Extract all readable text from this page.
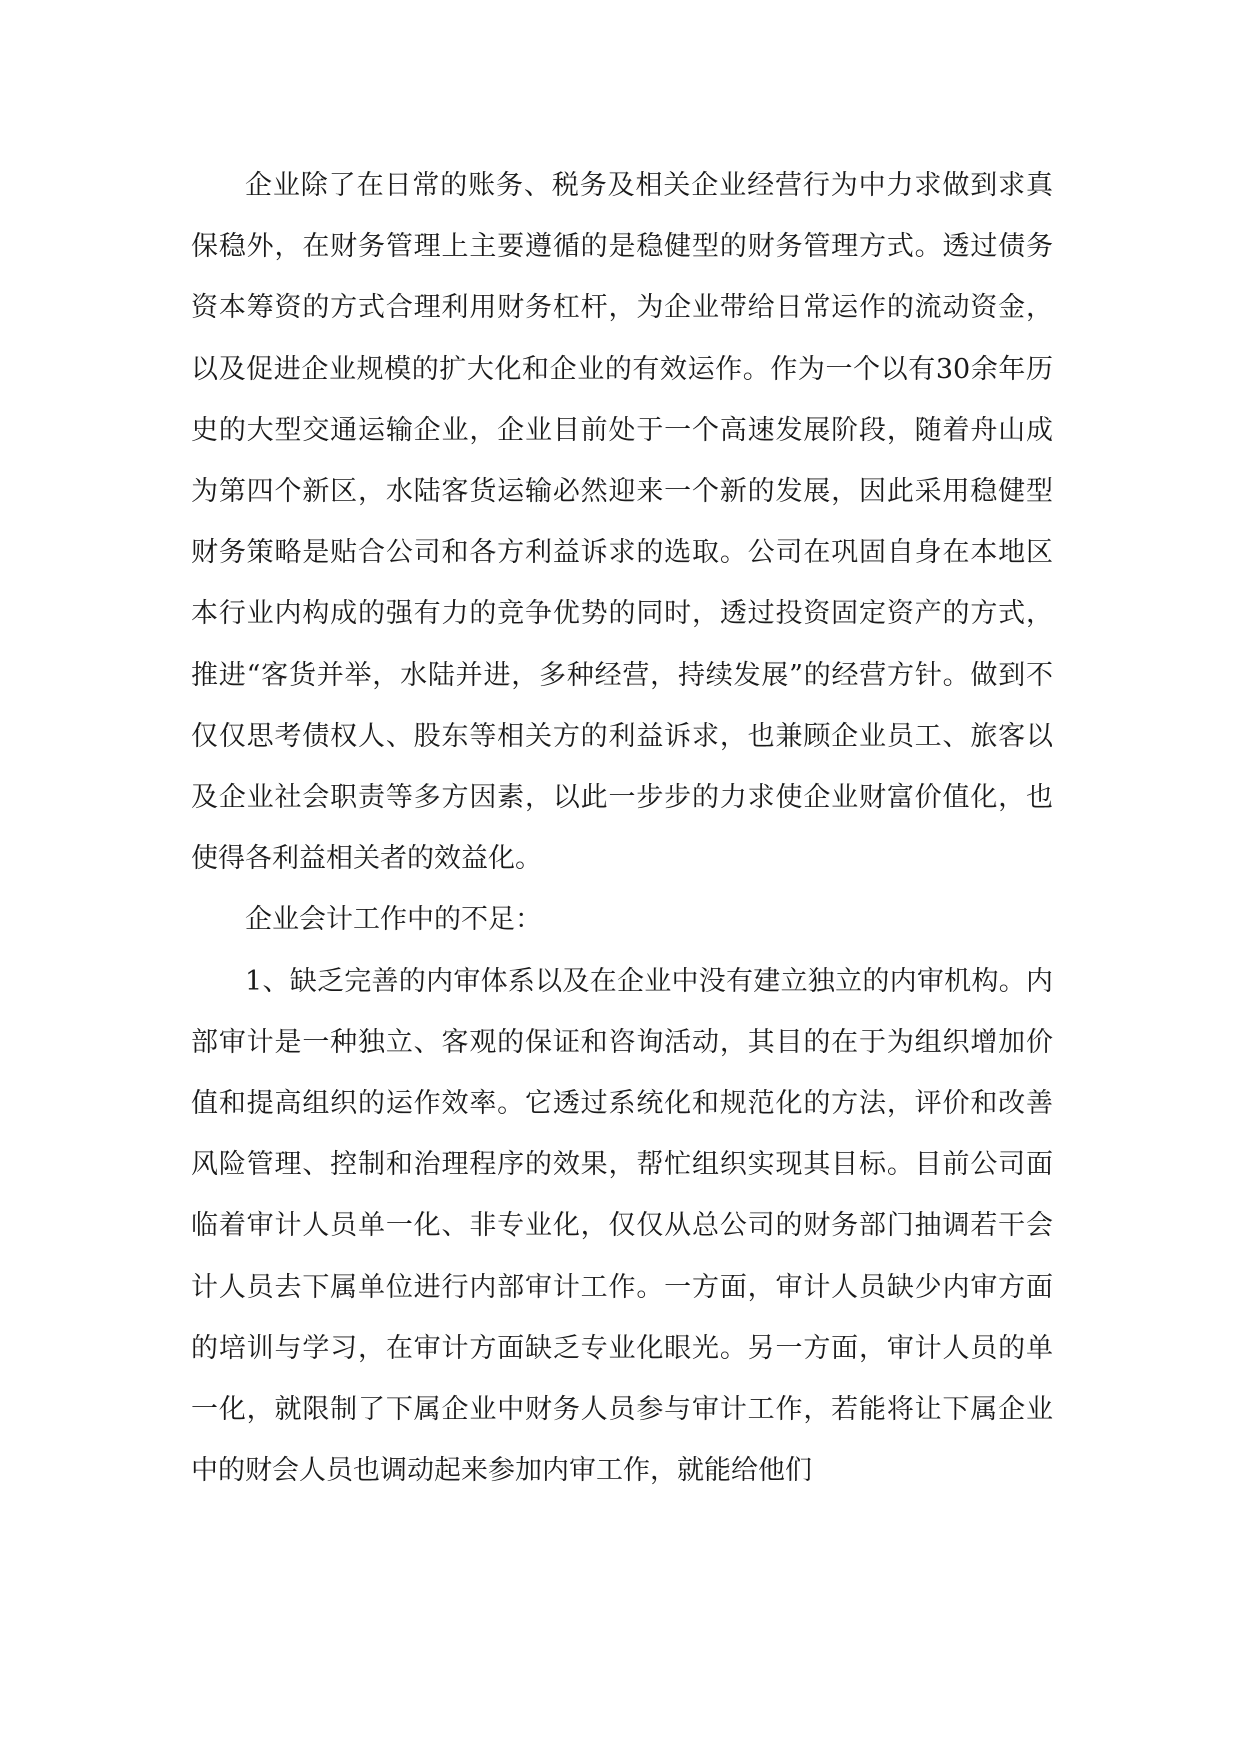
企业除了在日常的账务、税务及相关企业经营行为中力求做到求真保稳外，在财务管理上主要遵循的是稳健型的财务管理方式。透过债务资本筹资的方式合理利用财务杠杆，为企业带给日常运作的流动资金，以及促进企业规模的扩大化和企业的有效运作。作为一个以有30余年历史的大型交通运输企业，企业目前处于一个高速发展阶段，随着舟山成为第四个新区，水陆客货运输必然迎来一个新的发展，因此采用稳健型财务策略是贴合公司和各方利益诉求的选取。公司在巩固自身在本地区本行业内构成的强有力的竞争优势的同时，透过投资固定资产的方式，推进“客货并举，水陆并进，多种经营，持续发展”的经营方针。做到不仅仅思考债权人、股东等相关方的利益诉求，也兼顾企业员工、旅客以及企业社会职责等多方因素，以此一步步的力求使企业财富价值化，也使得各利益相关者的效益化。

企业会计工作中的不足：

1、缺乏完善的内审体系以及在企业中没有建立独立的内审机构。内部审计是一种独立、客观的保证和咨询活动，其目的在于为组织增加价值和提高组织的运作效率。它透过系统化和规范化的方法，评价和改善风险管理、控制和治理程序的效果，帮忙组织实现其目标。目前公司面临着审计人员单一化、非专业化，仅仅从总公司的财务部门抽调若干会计人员去下属单位进行内部审计工作。一方面，审计人员缺少内审方面的培训与学习，在审计方面缺乏专业化眼光。另一方面，审计人员的单一化，就限制了下属企业中财务人员参与审计工作，若能将让下属企业中的财会人员也调动起来参加内审工作，就能给他们
